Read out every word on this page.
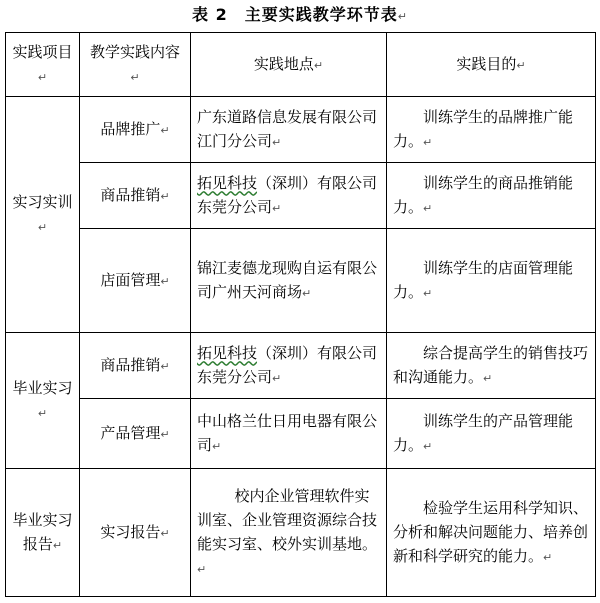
表 2　主要实践教学环节表↵
实践项目↵	教学实践内容↵	实践地点↵	实践目的↵
实习实训↵	品牌推广↵	广东道路信息发展有限公司江门分公司↵	训练学生的品牌推广能力。↵
	商品推销↵	拓见科技（深圳）有限公司东莞分公司↵	训练学生的商品推销能力。↵
	店面管理↵	锦江麦德龙现购自运有限公司广州天河商场↵	训练学生的店面管理能力。↵
毕业实习↵	商品推销↵	拓见科技（深圳）有限公司东莞分公司↵	综合提高学生的销售技巧和沟通能力。↵
	产品管理↵	中山格兰仕日用电器有限公司↵	训练学生的产品管理能力。↵
毕业实习报告↵	实习报告↵	校内企业管理软件实训室、企业管理资源综合技能实习室、校外实训基地。↵	检验学生运用科学知识、分析和解决问题能力、培养创新和科学研究的能力。↵
